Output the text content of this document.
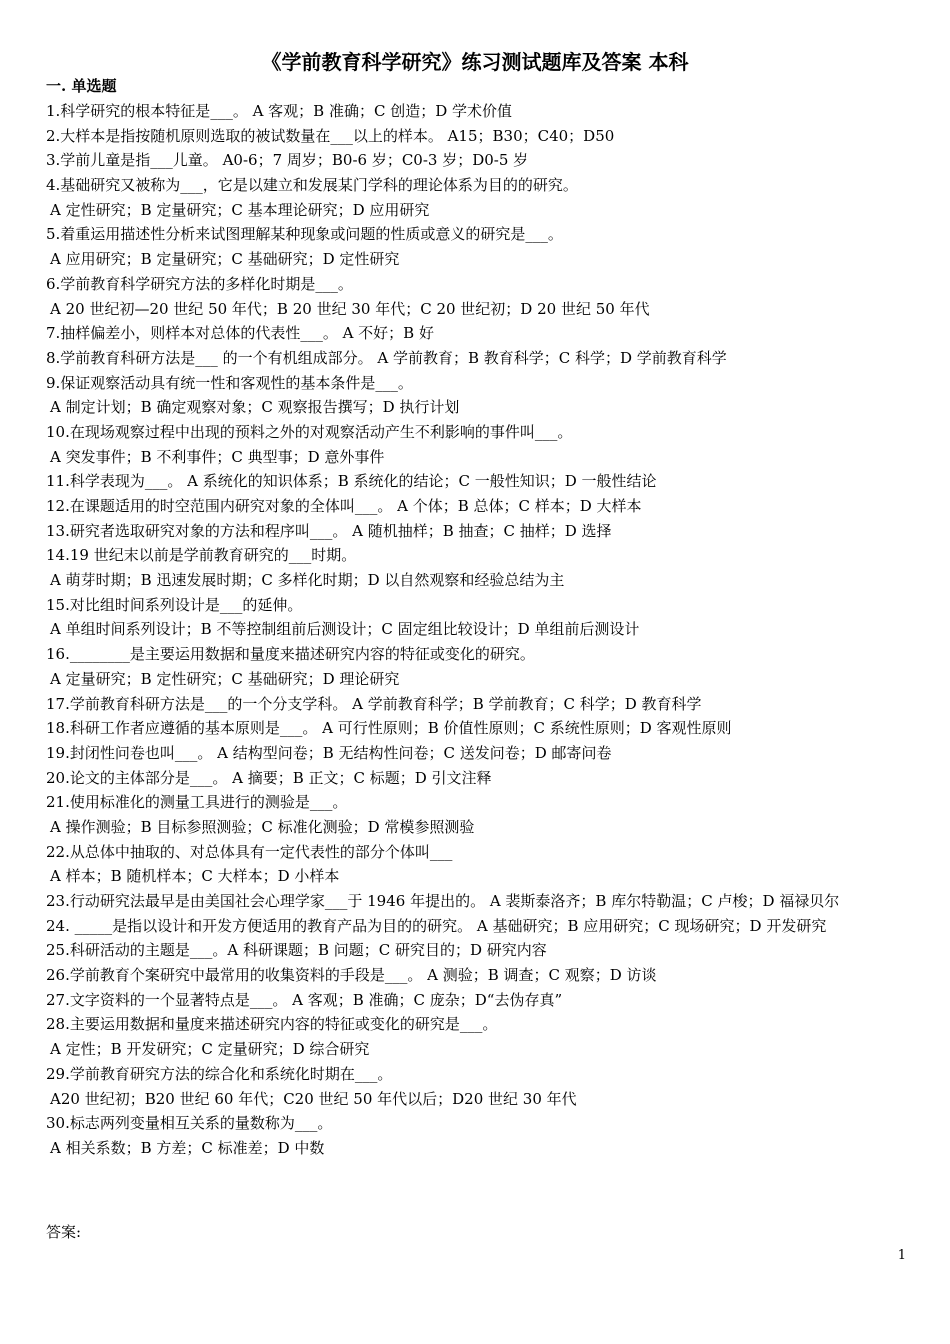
《学前教育科学研究》练习测试题库及答案 本科
一. 单选题
1.科学研究的根本特征是___。 A 客观；B 准确；C 创造；D 学术价值
2.大样本是指按随机原则选取的被试数量在___以上的样本。 A15；B30；C40；D50
3.学前儿童是指___儿童。 A0-6；7 周岁；B0-6 岁；C0-3 岁；D0-5 岁
4.基础研究又被称为___，它是以建立和发展某门学科的理论体系为目的的研究。
A 定性研究；B 定量研究；C 基本理论研究；D 应用研究
5.着重运用描述性分析来试图理解某种现象或问题的性质或意义的研究是___。
A 应用研究；B 定量研究；C 基础研究；D 定性研究
6.学前教育科学研究方法的多样化时期是___。
A 20 世纪初—20 世纪 50 年代；B 20 世纪 30 年代；C 20 世纪初；D 20 世纪 50 年代
7.抽样偏差小，则样本对总体的代表性___。 A 不好；B 好
8.学前教育科研方法是___ 的一个有机组成部分。 A 学前教育；B 教育科学；C 科学；D 学前教育科学
9.保证观察活动具有统一性和客观性的基本条件是___。
A 制定计划；B 确定观察对象；C 观察报告撰写；D 执行计划
10.在现场观察过程中出现的预料之外的对观察活动产生不利影响的事件叫___。
A 突发事件；B 不利事件；C 典型事；D 意外事件
11.科学表现为___。 A 系统化的知识体系；B 系统化的结论；C 一般性知识；D 一般性结论
12.在课题适用的时空范围内研究对象的全体叫___。 A 个体；B 总体；C 样本；D 大样本
13.研究者选取研究对象的方法和程序叫___。 A 随机抽样；B 抽查；C 抽样；D 选择
14.19 世纪末以前是学前教育研究的___时期。
A 萌芽时期；B 迅速发展时期；C 多样化时期；D 以自然观察和经验总结为主
15.对比组时间系列设计是___的延伸。
A 单组时间系列设计；B 不等控制组前后测设计；C 固定组比较设计；D 单组前后测设计
16.________是主要运用数据和量度来描述研究内容的特征或变化的研究。
A 定量研究；B 定性研究；C 基础研究；D 理论研究
17.学前教育科研方法是___的一个分支学科。 A 学前教育科学；B 学前教育；C 科学；D 教育科学
18.科研工作者应遵循的基本原则是___。 A 可行性原则；B 价值性原则；C 系统性原则；D 客观性原则
19.封闭性问卷也叫___。 A 结构型问卷；B 无结构性问卷；C 送发问卷；D 邮寄问卷
20.论文的主体部分是___。 A 摘要；B 正文；C 标题；D 引文注释
21.使用标准化的测量工具进行的测验是___。
A 操作测验；B 目标参照测验；C 标准化测验；D 常模参照测验
22.从总体中抽取的、对总体具有一定代表性的部分个体叫___
A 样本；B 随机样本；C 大样本；D 小样本
23.行动研究法最早是由美国社会心理学家___于 1946 年提出的。 A 裴斯泰洛齐；B 库尔特勒温；C 卢梭；D 福禄贝尔
24. _____是指以设计和开发方便适用的教育产品为目的的研究。 A 基础研究；B 应用研究；C 现场研究；D 开发研究
25.科研活动的主题是___。A 科研课题；B 问题；C 研究目的；D 研究内容
26.学前教育个案研究中最常用的收集资料的手段是___。 A 测验；B 调查；C 观察；D 访谈
27.文字资料的一个显著特点是___。 A 客观；B 准确；C 庞杂；D“去伪存真”
28.主要运用数据和量度来描述研究内容的特征或变化的研究是___。
A 定性；B 开发研究；C 定量研究；D 综合研究
29.学前教育研究方法的综合化和系统化时期在___。
A20 世纪初；B20 世纪 60 年代；C20 世纪 50 年代以后；D20 世纪 30 年代
30.标志两列变量相互关系的量数称为___。
A 相关系数；B 方差；C 标准差；D 中数
答案:
1
